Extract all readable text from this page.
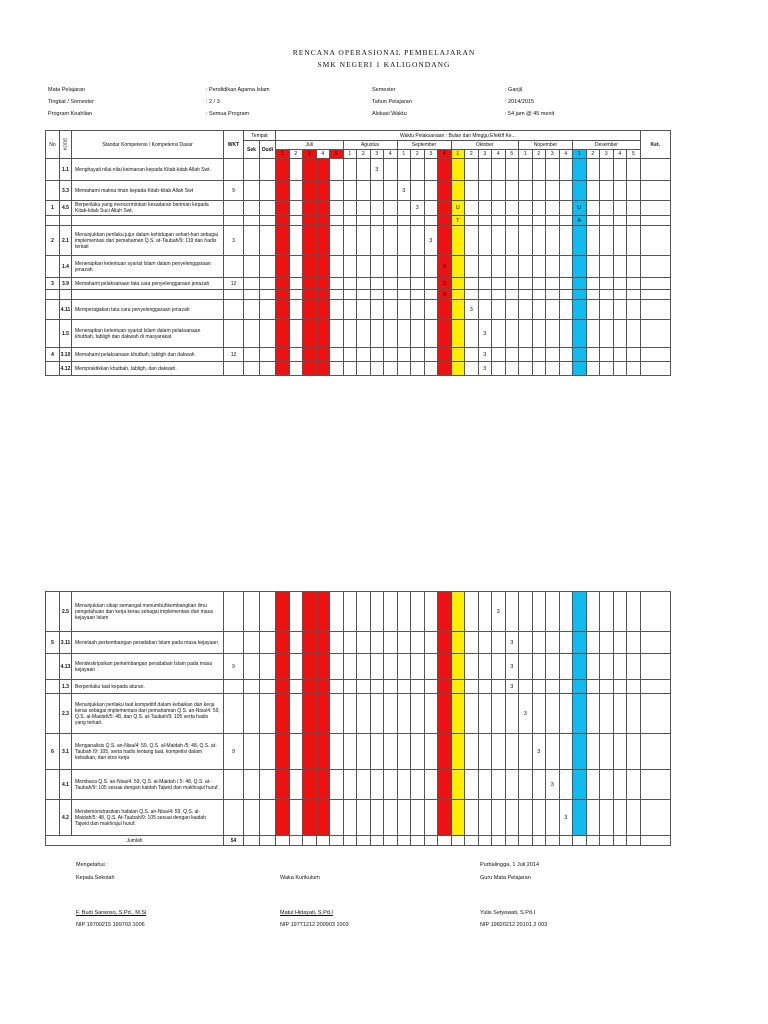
RENCANA OPERASIONAL PEMBELAJARAN
SMK NEGERI 1 KALIGONDANG
Mata Pelajaran	: Pendidikan Agama Islam
Tingkat / Semester	: 2 / 3
Program Keahlian	: Semua Program
Semester	: Ganjil
Tahun Pelajaran	: 2014/2015
Alokasi Waktu	: 54 jam @ 45 menit
No	KODE	Standar Kompetensi / Kompetensi Dasar	WKT	Tempat		Waktu Pelaksanaan : Bulan dan Minggu Efektif Ke...																											Ket.
				Sek	Dudi	Juli					Agustus				September				Oktober					Nopember				Desember					
						1	2	3	4	5	1	2	3	4	1	2	3	4	1	2	3	4	5	1	2	3	4	1	2	3	4	5	
	1.1	Menghayati nilai-nilai keimanan kepada Kitab-kitab Allah Swt.											3																				
	3.3	Memahami makna iman kepada Kitab-kitab Allah Swt	9												3																		
1	4.5	Berperilaku yang mencerminkan kesadaran beriman kepada Kitab-kitab Suci Allah Swt.														3			U									U					
																			T									A					
2	2.1	Menunjukkan perilaku jujur dalam kehidupan sehari-hari sebagai implementasi dari pemahaman Q.S. at-Taubah/9: 119 dan hadis terkait	3														3																
	1.4	Menerapkan ketentuan syariat Islam dalam penyelenggaraan jenazah																3															
3	3.9	Memahami pelaksanaan tata cara penyelenggaraan jenazah	12															3															
																		3															
	4.11	Memperagakan tata cara penyelenggaraan jenazah																		3													
	1.5	Menerapkan ketentuan syariat Islam dalam pelaksanaan khutbah, tabligh dan dakwah di masyarakat																			3												
4	3.10	Memahami pelaksanaan khutbah, tabligh dan dakwah	12																		3												
	4.12	Mempraktikkan khutbah, tabligh, dan dakwah.																			3												
	2.5	Menunjukkan sikap semangat menumbuhkembangkan ilmu pengetahuan dan kerja keras sebagai implementasi dari masa kejayaan Islam																				3											
5	3.11	Menelaah perkembangan peradaban Islam pada masa kejayaan																					3										
	4.13	Mendeskripsikan perkembangan peradaban Islam pada masa kejayaan	9																				3										
	1.3	Berperilaku taat kepada aturan.																					3										
	2.3	Menunjukkan perilaku taat kompetitif dalam kebaikan dan kerja keras sebagai implementasi dari pemahaman Q.S. an-Nisa/4: 59, Q.S. al-Maidah/5: 48, dan Q.S. at-Taubah/9: 105 serta hadis yang terkait.																						3									
6	3.1	Menganalisis Q.S. an-Nisa/4: 59, Q.S. al-Maidah /5: 48, Q.S. at-Taubah /9: 105, serta hadis tentang taat, kompetisi dalam kebaikan, dan etos kerja	9																						3								
	4.1	Membaca Q.S. an-Nisa/4: 59, Q.S. al-Maidah / 5: 48, Q.S. at-Taubah/9: 105 sesuai dengan kaidah Tajwid dan makhrajul huruf.																								3							
	4.2	Mendemonstrasikan hafalan Q.S. an-Nisa/4: 59, Q.S. al-Maidah/5: 48, Q.S. At-Taubah/9: 105 sesuai dengan kaidah Tajwid dan makhrajul huruf.																									3						
Jumlah			54																														
Mengetahui :	Purbalingga, 1 Juli 2014
Kepala Sekolah	Waka Kurikulum	Guru Mata Pelajaran
F. Budi Sarwoso, S.Pd., M.Si	Matul Hidayati, S.Pd.I	Yulis Setyowati, S.Pd.I
NIP 19700215 199703 1006	NIP 19771212 200903 1003	NIP 19820212 20101 2 003
